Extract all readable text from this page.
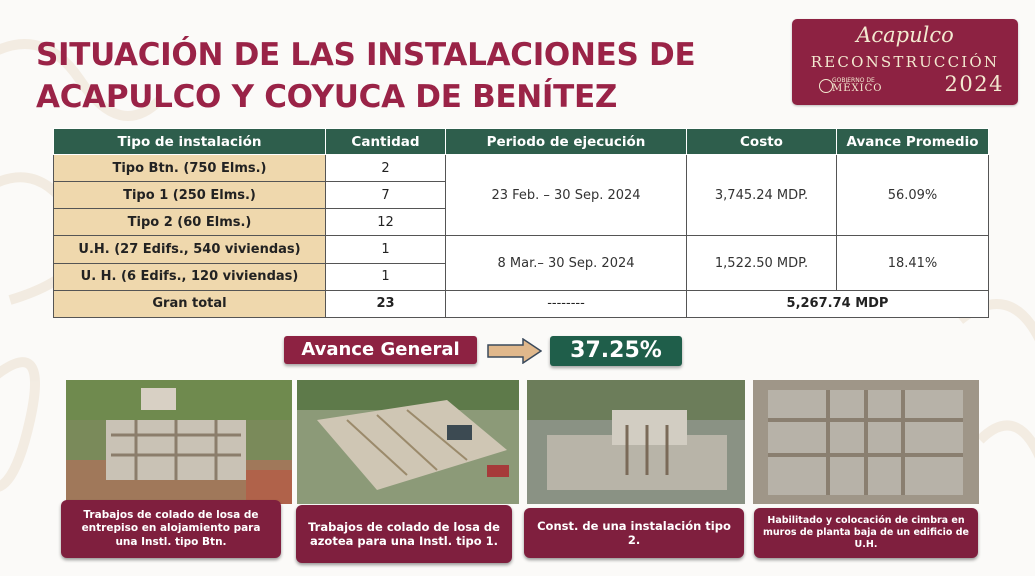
SITUACIÓN DE LAS INSTALACIONES DE
ACAPULCO Y COYUCA DE BENÍTEZ
Acapulco
RECONSTRUCCIÓN
GOBIERNO DE
MÉXICO	2024
Tipo de instalación	Cantidad	Periodo de ejecución	Costo	Avance Promedio
Tipo Btn. (750 Elms.)	2	23 Feb. – 30 Sep. 2024	3,745.24 MDP.	56.09%
Tipo 1 (250 Elms.)	7			
Tipo 2 (60 Elms.)	12			
U.H. (27 Edifs., 540 viviendas)	1	8 Mar.– 30 Sep. 2024	1,522.50 MDP.	18.41%
U. H. (6 Edifs., 120 viviendas)	1			
Gran total	23	--------	5,267.74 MDP	
Avance General	37.25%
Trabajos de colado de losa de entrepiso en alojamiento para una Instl. tipo Btn.
Trabajos de colado de losa de azotea para una Instl. tipo 1.
Const. de una instalación tipo 2.
Habilitado y colocación de cimbra en muros de planta baja de un edificio de U.H.
